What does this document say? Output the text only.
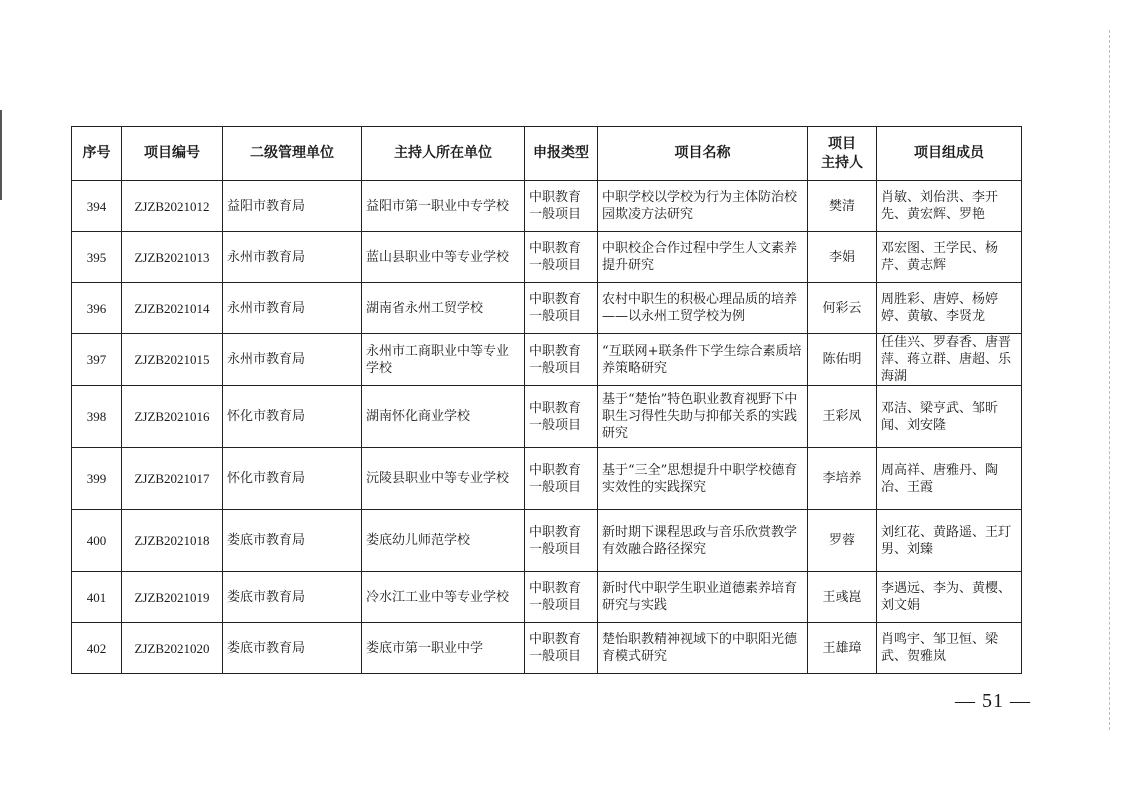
序号	项目编号	二级管理单位	主持人所在单位	申报类型	项目名称	项目
主持人	项目组成员
394	ZJZB2021012	益阳市教育局	益阳市第一职业中专学校	中职教育一般项目	中职学校以学校为行为主体防治校园欺凌方法研究	樊清	肖敏、刘佁洪、李开先、黄宏辉、罗艳
395	ZJZB2021013	永州市教育局	蓝山县职业中等专业学校	中职教育一般项目	中职校企合作过程中学生人文素养提升研究	李娟	邓宏图、王学民、杨芹、黄志辉
396	ZJZB2021014	永州市教育局	湖南省永州工贸学校	中职教育一般项目	农村中职生的积极心理品质的培养——以永州工贸学校为例	何彩云	周胜彩、唐婷、杨婷婷、黄敏、李贤龙
397	ZJZB2021015	永州市教育局	永州市工商职业中等专业学校	中职教育一般项目	“互联网+联条件下学生综合素质培养策略研究	陈佑明	任佳兴、罗春香、唐晋萍、蒋立群、唐超、乐海湖
398	ZJZB2021016	怀化市教育局	湖南怀化商业学校	中职教育一般项目	基于“楚怡”特色职业教育视野下中职生习得性失助与抑郁关系的实践研究	王彩凤	邓洁、梁亨武、邹昕闻、刘安隆
399	ZJZB2021017	怀化市教育局	沅陵县职业中等专业学校	中职教育一般项目	基于“三全”思想提升中职学校德育实效性的实践探究	李培养	周高祥、唐雅丹、陶冶、王霞
400	ZJZB2021018	娄底市教育局	娄底幼儿师范学校	中职教育一般项目	新时期下课程思政与音乐欣赏教学有效融合路径探究	罗蓉	刘红花、黄路遥、王玎男、刘臻
401	ZJZB2021019	娄底市教育局	冷水江工业中等专业学校	中职教育一般项目	新时代中职学生职业道德素养培育研究与实践	王彧崑	李遇远、李为、黄樱、刘文娟
402	ZJZB2021020	娄底市教育局	娄底市第一职业中学	中职教育一般项目	楚怡职教精神视域下的中职阳光德育模式研究	王雄璋	肖鸣宇、邹卫恒、梁武、贺雅岚
— 51 —
